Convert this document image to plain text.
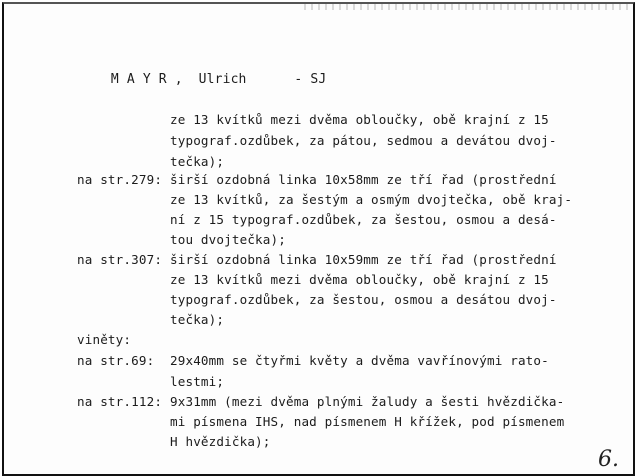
M A Y R ,  Ulrich	- SJ

ze 13 kvítků mezi dvěma obloučky, obě krajní z 15
typograf.ozdůbek, za pátou, sedmou a devátou dvoj-
tečka);
na str.279: širší ozdobná linka 10x58mm ze tří řad (prostřední
ze 13 kvítků, za šestým a osmým dvojtečka, obě kraj-
ní z 15 typograf.ozdůbek, za šestou, osmou a desá-
tou dvojtečka);
na str.307: širší ozdobná linka 10x59mm ze tří řad (prostřední
ze 13 kvítků mezi dvěma obloučky, obě krajní z 15
typograf.ozdůbek, za šestou, osmou a desátou dvoj-
tečka);
viněty:
na str.69: 29x40mm se čtyřmi květy a dvěma vavřínovými rato-
lestmi;
na str.112: 9x31mm (mezi dvěma plnými žaludy a šesti hvězdička-
mi písmena IHS, nad písmenem H křížek, pod písmenem
H hvězdička);
6.
